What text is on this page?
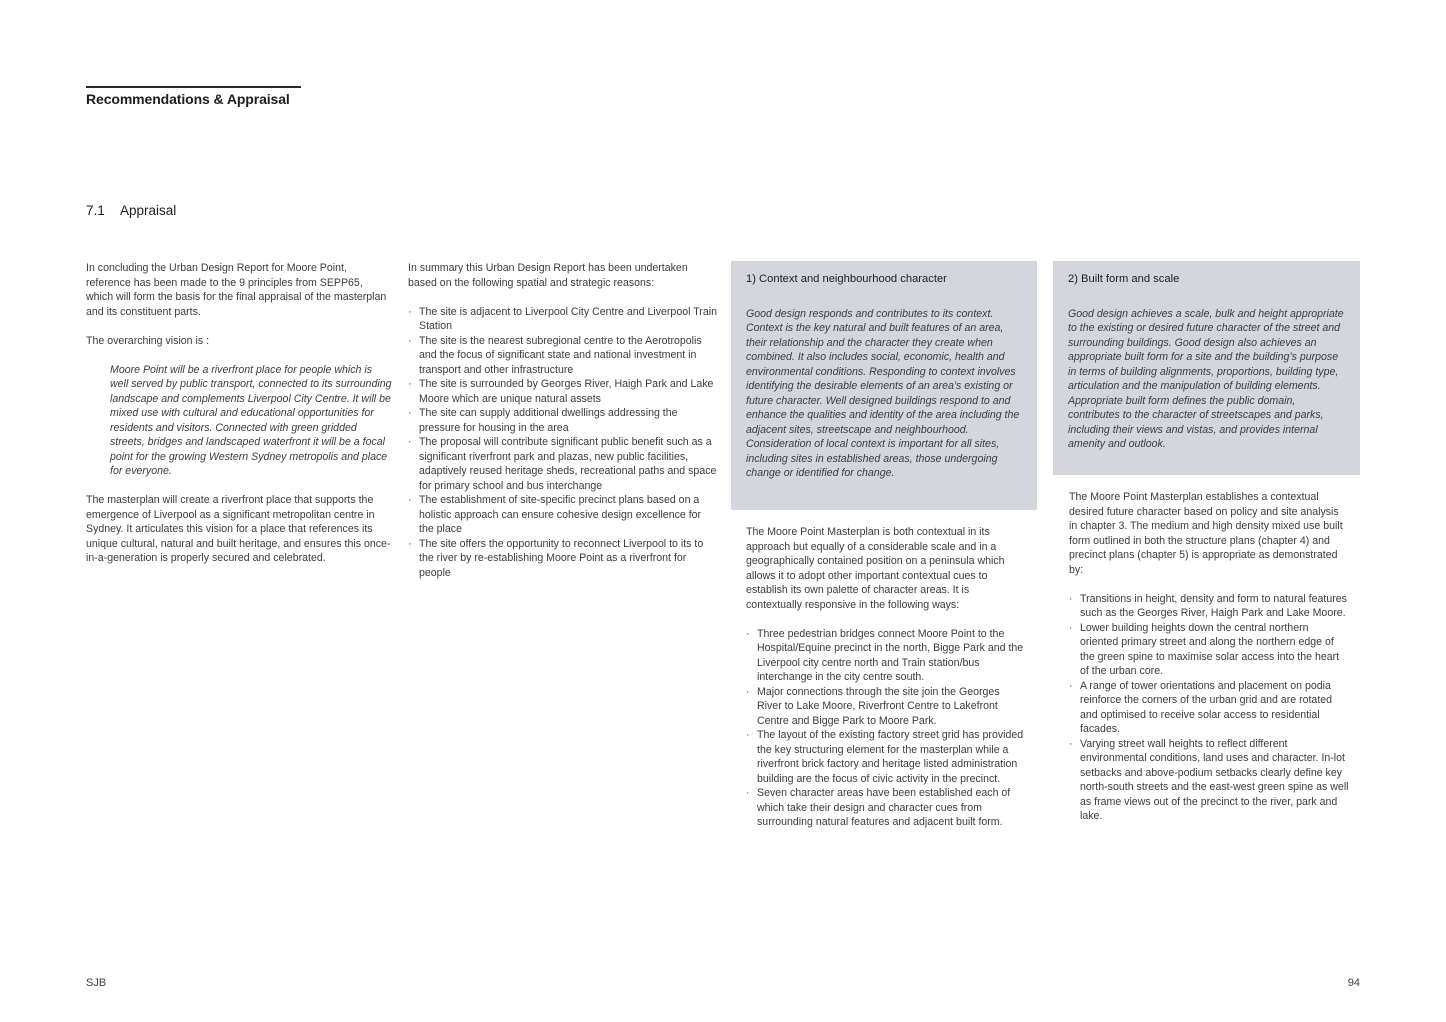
Recommendations & Appraisal
7.1 Appraisal

In concluding the Urban Design Report for Moore Point, reference has been made to the 9 principles from SEPP65, which will form the basis for the final appraisal of the masterplan and its constituent parts.

The overarching vision is :

Moore Point will be a riverfront place for people which is well served by public transport, connected to its surrounding landscape and complements Liverpool City Centre. It will be mixed use with cultural and educational opportunities for residents and visitors. Connected with green gridded streets, bridges and landscaped waterfront it will be a focal point for the growing Western Sydney metropolis and place for everyone.

The masterplan will create a riverfront place that supports the emergence of Liverpool as a significant metropolitan centre in Sydney. It articulates this vision for a place that references its unique cultural, natural and built heritage, and ensures this once-in-a-generation is properly secured and celebrated.

In summary this Urban Design Report has been undertaken based on the following spatial and strategic reasons:

· The site is adjacent to Liverpool City Centre and Liverpool Train Station
· The site is the nearest subregional centre to the Aerotropolis and the focus of significant state and national investment in transport and other infrastructure
· The site is surrounded by Georges River, Haigh Park and Lake Moore which are unique natural assets
· The site can supply additional dwellings addressing the pressure for housing in the area
· The proposal will contribute significant public benefit such as a significant riverfront park and plazas, new public facilities, adaptively reused heritage sheds, recreational paths and space for primary school and bus interchange
· The establishment of site-specific precinct plans based on a holistic approach can ensure cohesive design excellence for the place
· The site offers the opportunity to reconnect Liverpool to its to the river by re-establishing Moore Point as a riverfront for people

1) Context and neighbourhood character

Good design responds and contributes to its context. Context is the key natural and built features of an area, their relationship and the character they create when combined. It also includes social, economic, health and environmental conditions. Responding to context involves identifying the desirable elements of an area’s existing or future character. Well designed buildings respond to and enhance the qualities and identity of the area including the adjacent sites, streetscape and neighbourhood. Consideration of local context is important for all sites, including sites in established areas, those undergoing change or identified for change.

The Moore Point Masterplan is both contextual in its approach but equally of a considerable scale and in a geographically contained position on a peninsula which allows it to adopt other important contextual cues to establish its own palette of character areas. It is contextually responsive in the following ways:

· Three pedestrian bridges connect Moore Point to the Hospital/Equine precinct in the north, Bigge Park and the Liverpool city centre north and Train station/bus interchange in the city centre south.
· Major connections through the site join the Georges River to Lake Moore, Riverfront Centre to Lakefront Centre and Bigge Park to Moore Park.
· The layout of the existing factory street grid has provided the key structuring element for the masterplan while a riverfront brick factory and heritage listed administration building are the focus of civic activity in the precinct.
· Seven character areas have been established each of which take their design and character cues from surrounding natural features and adjacent built form.

2) Built form and scale

Good design achieves a scale, bulk and height appropriate to the existing or desired future character of the street and surrounding buildings. Good design also achieves an appropriate built form for a site and the building’s purpose in terms of building alignments, proportions, building type, articulation and the manipulation of building elements. Appropriate built form defines the public domain, contributes to the character of streetscapes and parks, including their views and vistas, and provides internal amenity and outlook.

The Moore Point Masterplan establishes a contextual desired future character based on policy and site analysis in chapter 3. The medium and high density mixed use built form outlined in both the structure plans (chapter 4) and precinct plans (chapter 5) is appropriate as demonstrated by:

· Transitions in height, density and form to natural features such as the Georges River, Haigh Park and Lake Moore.
· Lower building heights down the central northern oriented primary street and along the northern edge of the green spine to maximise solar access into the heart of the urban core.
· A range of tower orientations and placement on podia reinforce the corners of the urban grid and are rotated and optimised to receive solar access to residential facades.
· Varying street wall heights to reflect different environmental conditions, land uses and character. In-lot setbacks and above-podium setbacks clearly define key north-south streets and the east-west green spine as well as frame views out of the precinct to the river, park and lake.
SJB	94
